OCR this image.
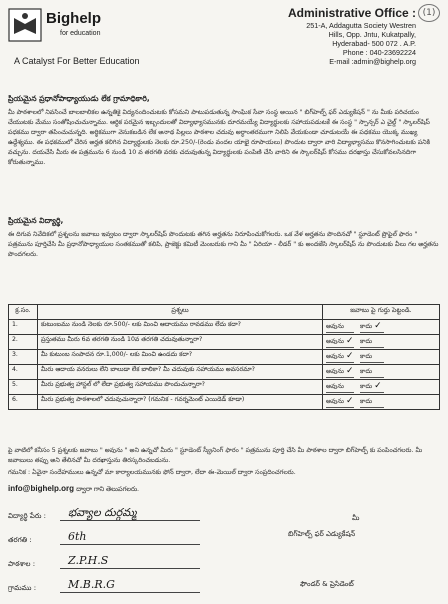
Bighelp
for education
A Catalyst For Better Education
(1)
Administrative Office :
251-A, Addagutta Society Westren
Hills, Opp. Jntu, Kukatpally,
Hyderabad- 500 072 . A.P.
Phone : 040-23692224
E-mail :admin@bighelp.org
ప్రియమైన ప్రధానోపాధ్యాయుడు లేక గ్రామాధికారి,
మీ పాఠశాలలో నివసించే బాలబాలికల ఉన్నతికై విద్యనందించుటకు కోసమని పాటుపడుతున్న సాంఘిక సేవా సంస్థ అయిన " బిగ్‌హెల్ప్ ఫర్ ఎడ్యుకేషన్ " ను మీకు పరిచయం చేయుటకు మేము సంతోషించుచున్నాము. ఆర్థిక పరమైన ఇబ్బందులతో విద్యాభ్యాసమునకు దూరమయ్యే విద్యార్థులకు సహాయపడుటకే ఈ సంస్థ " స్పాన్సర్ ఎ చైల్డ్ " స్కాలర్‌షిప్ పధకము ద్వారా తపించుచున్నది. అర్థికముగా వెనుకబడిన లేక అనాథ పిల్లలు పాఠశాల చదువు అర్ధాంతరముగా నిలిపి వేయకుండా చూడుటయే ఈ పధకము యొక్క ముఖ్య ఉద్దేశ్యము. ఈ పధకములో చేరిన అర్హత కలిగిన విద్యార్థులకు నెలకు రూ.250/-(రెండు వందల యాభై రూపాయలు) పొందుట ద్వారా వారి విద్యాభ్యాసము కొనసాగించుటకు పనికి వచ్చును. దయచేసి మీరు ఈ పత్రమును 6 నుండి 10 వ తరగతి వరకు చదువుతున్న విద్యార్థులకు పంపిణి చేసి వారిని ఈ స్కాలర్‌షిప్ కోసము దరఖాస్తు చేసుకోవలసినదిగా కోరుతున్నాము.
ప్రియమైన విద్యార్థి,
ఈ దిగువ నివేదికలో ప్రశ్నలను జవాబు ఇవ్వటం ద్వారా స్కాలర్‌షిప్ పొందుటకు తగిన అర్హతను నిరూపించుకోగలరు. ఒక వేళ అర్హతను పొందినచో " స్టూడెంట్ ప్రొఫైల్ ఫారం " పత్రమును పూర్తిచేసి మీ ప్రధానోపాధ్యాయుల సంతకముతో కలిపి, ప్రాజెక్టు కమిటీ మెంబరుకు గాని మీ " ఏరియా - లీడర్ " కు అందజేసి స్కాలర్‌షిప్ ను పొందుటకు వీలు గల అర్హతను పొందగలరు.
క్ర.సం.	ప్రశ్నలు	జవాబు పై గుర్తు పెట్టండి.
1.	కుటుంబము నుండి నెలకు రూ.500/- లకు మించి ఆదాయము రావడము లేదు కదా?	అవును కాదు ✓
2.	ప్రస్తుతము మీరు 6వ తరగతి నుండి 10వ తరగతి చదువుతున్నారా?	అవును ✓ కాదు
3.	మీ కుటుంబ సంపాదన రూ.1,000/- లకు మించి ఉండదు కదా?	అవును ✓ కాదు
4.	మీరు ఆదాయ వనరులు లేని బాలుడా లేక బాలికా? మీ చదువుకు సహాయము అవసరమా?	అవును ✓ కాదు
5.	మీరు ప్రభుత్వ హాస్టల్ లో లేదా ప్రభుత్వ సహాయము పొందుచున్నారా?	అవును కాదు ✓
6.	మీరు ప్రభుత్వ పాఠశాలలో చదువుచున్నారా? (గమనిక - గవర్నమెంట్ ఎయిడెడ్ కూడా)	అవును ✓ కాదు
పై వాటిలో కనీసం 5 ప్రశ్నలకు జవాబు " అవును " అని ఉన్నచో మీరు " స్టూడెంట్ స్క్రీనింగ్ ఫారం " పత్రమును పూర్తి చేసి మీ పాఠశాల ద్వారా బిగ్‌హెల్ప్ కు పంపించగలరు. మీ జవాబులు తప్పు అని తేలినచో మీ దరఖాస్తును తిరస్కరించబడును.
గమనిక : ఏవైనా సందేహములు ఉన్నచో మా కార్యాలయమునకు ఫోన్ ద్వారా, లేదా ఈ-మెయిల్ ద్వారా సంప్రదించగలరు.
info@bighelp.org ద్వారా గాని తెలుపగలరు.
మీ
బిగ్‌హెల్ప్ ఫర్ ఎడ్యుకేషన్
ఫౌండర్ & ప్రెసిడెంట్
విద్యార్థి పేరు : భవ్యాల దుర్గమ్మ
తరగతి :	6th
పాఠశాల :	Z.P.H.S
గ్రామము :	M.B.R.G
